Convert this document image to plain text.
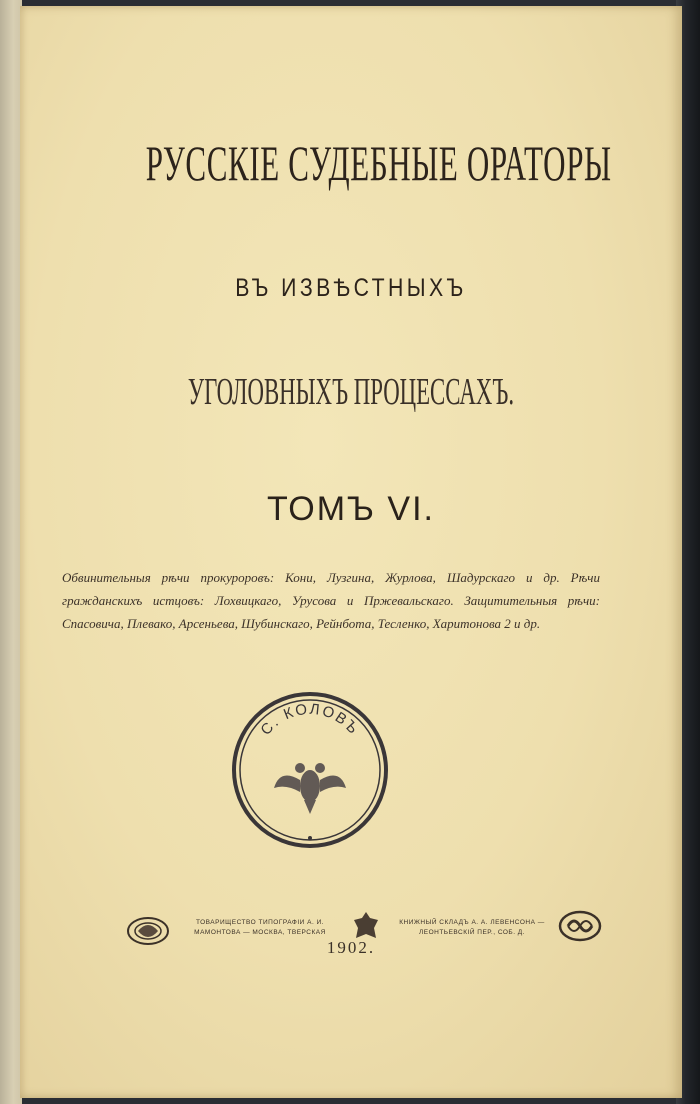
РУССКІЕ СУДЕБНЫЕ ОРАТОРЫ
ВЪ ИЗВѢСТНЫХЪ
УГОЛОВНЫХЪ ПРОЦЕССАХЪ.
ТОМЪ VI.
Обвинительныя рѣчи прокуроровъ: Кони, Лузгина, Журлова, Шадурскаго и др. Рѣчи гражданскихъ истцовъ: Лохвицкаго, Урусова и Пржевальскаго. Защитительныя рѣчи: Спасовича, Плевако, Арсеньева, Шубинскаго, Рейнбота, Тесленко, Харитонова 2 и др.
С. КОЛОВЪ
ТОВАРИЩЕСТВО ТИПОГРАФІИ А. И. МАМОНТОВА — МОСКВА, ТВЕРСКАЯ
КНИЖНЫЙ СКЛАДЪ А. А. ЛЕВЕНСОНА — ЛЕОНТЬЕВСКІЙ ПЕР., СОБ. Д.
1902.
